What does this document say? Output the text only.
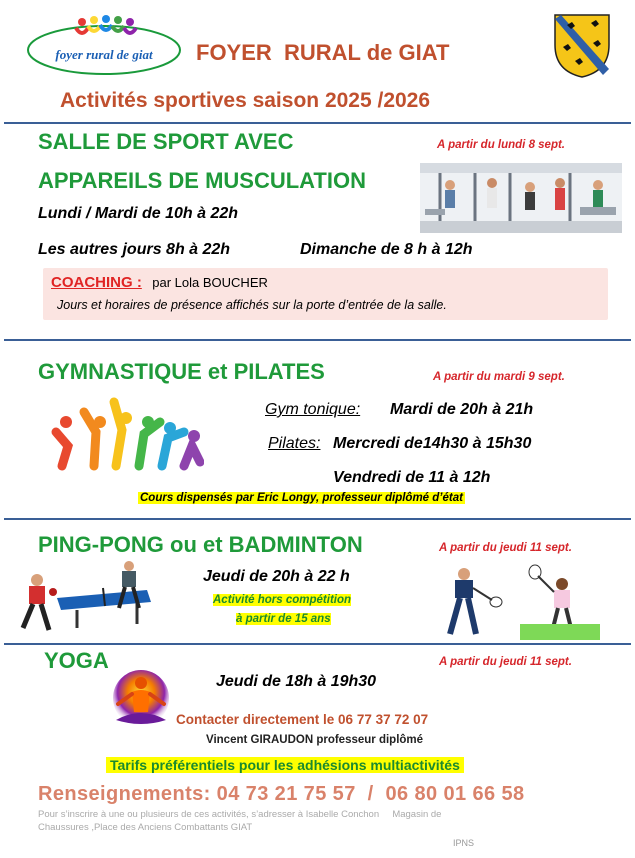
foyer rural de giat FOYER  RURAL de GIAT
Activités sportives saison 2025 /2026
SALLE DE SPORT AVEC	A partir du lundi 8 sept.
APPAREILS DE MUSCULATION
Lundi / Mardi de 10h à 22h
Les autres jours 8h à 22h	Dimanche de 8 h à 12h
COACHING : par Lola BOUCHER
Jours et horaires de présence affichés sur la porte d’entrée de la salle.
GYMNASTIQUE et PILATES	A partir du mardi 9 sept.
Gym tonique: Mardi de 20h à 21h
Pilates: Mercredi de14h30 à 15h30
Vendredi de 11 à 12h
Cours dispensés par Eric Longy, professeur diplômé d’état
PING-PONG ou et BADMINTON	A partir du jeudi 11 sept.
Jeudi de 20h à 22 h
Activité hors compétition
à partir de 15 ans
YOGA	A partir du jeudi 11 sept.
Jeudi de 18h à 19h30
Contacter directement le 06 77 37 72 07
Vincent GIRAUDON professeur diplômé
Tarifs préférentiels pour les adhésions multiactivités
Renseignements: 04 73 21 75 57  /  06 80 01 66 58
Pour s’inscrire à une ou plusieurs de ces activités, s’adresser à Isabelle Conchon     Magasin de
Chaussures ,Place des Anciens Combattants GIAT
IPNS
